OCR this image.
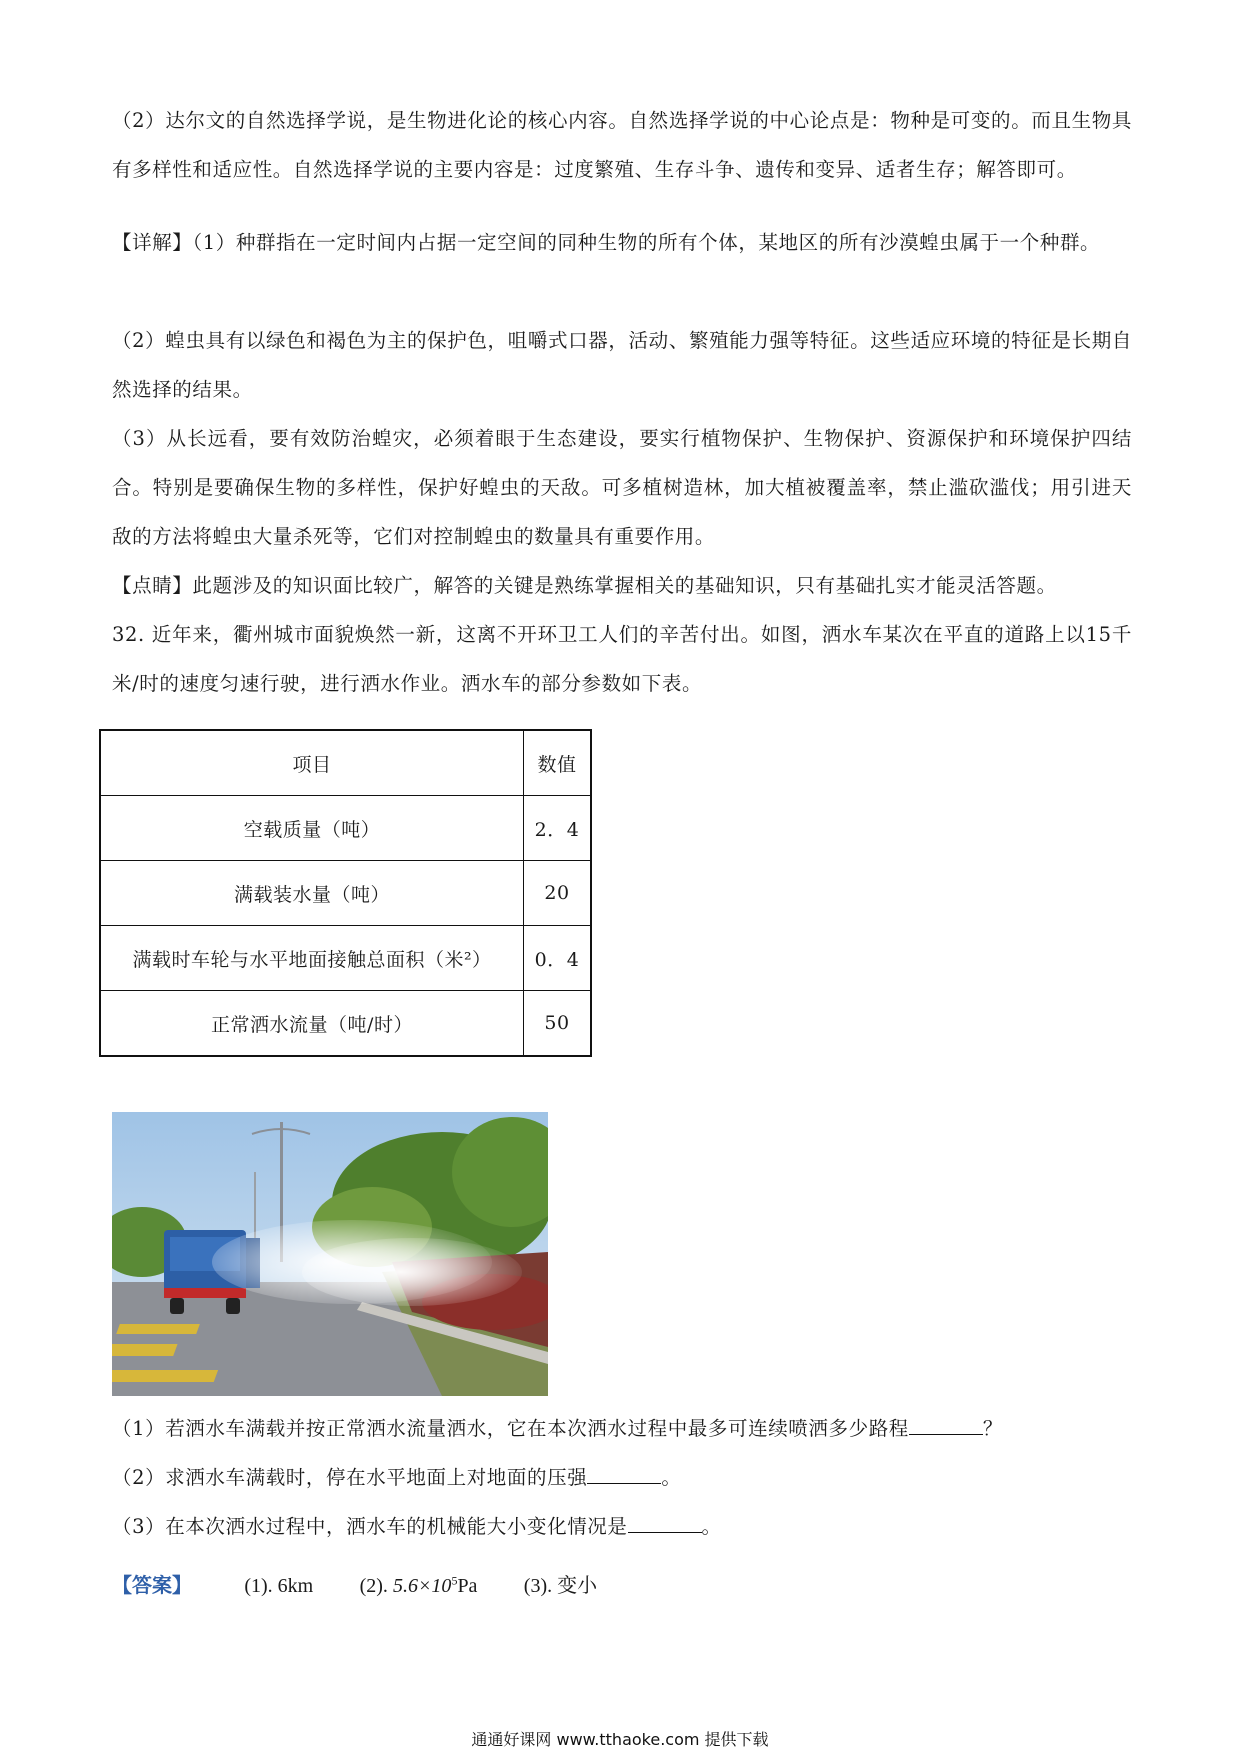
（2）达尔文的自然选择学说，是生物进化论的核心内容。自然选择学说的中心论点是：物种是可变的。而且生物具有多样性和适应性。自然选择学说的主要内容是：过度繁殖、生存斗争、遗传和变异、适者生存；解答即可。

【详解】（1）种群指在一定时间内占据一定空间的同种生物的所有个体，某地区的所有沙漠蝗虫属于一个种群。

（2）蝗虫具有以绿色和褐色为主的保护色，咀嚼式口器，活动、繁殖能力强等特征。这些适应环境的特征是长期自然选择的结果。

（3）从长远看，要有效防治蝗灾，必须着眼于生态建设，要实行植物保护、生物保护、资源保护和环境保护四结合。特别是要确保生物的多样性，保护好蝗虫的天敌。可多植树造林，加大植被覆盖率，禁止滥砍滥伐；用引进天敌的方法将蝗虫大量杀死等，它们对控制蝗虫的数量具有重要作用。

【点睛】此题涉及的知识面比较广，解答的关键是熟练掌握相关的基础知识，只有基础扎实才能灵活答题。

32. 近年来，衢州城市面貌焕然一新，这离不开环卫工人们的辛苦付出。如图，洒水车某次在平直的道路上以15千米/时的速度匀速行驶，进行洒水作业。洒水车的部分参数如下表。

项目	数值
空载质量（吨）	2．4
满载装水量（吨）	20
满载时车轮与水平地面接触总面积（米²）	0．4
正常洒水流量（吨/时）	50
（1）若洒水车满载并按正常洒水流量洒水，它在本次洒水过程中最多可连续喷洒多少路程	？
（2）求洒水车满载时，停在水平地面上对地面的压强	。
（3）在本次洒水过程中，洒水车的机械能大小变化情况是	。
【答案】	(1). 6km (2). $5.6\times 10^5Pa$ (3). 变小
通通好课网 www.tthaoke.com 提供下载
